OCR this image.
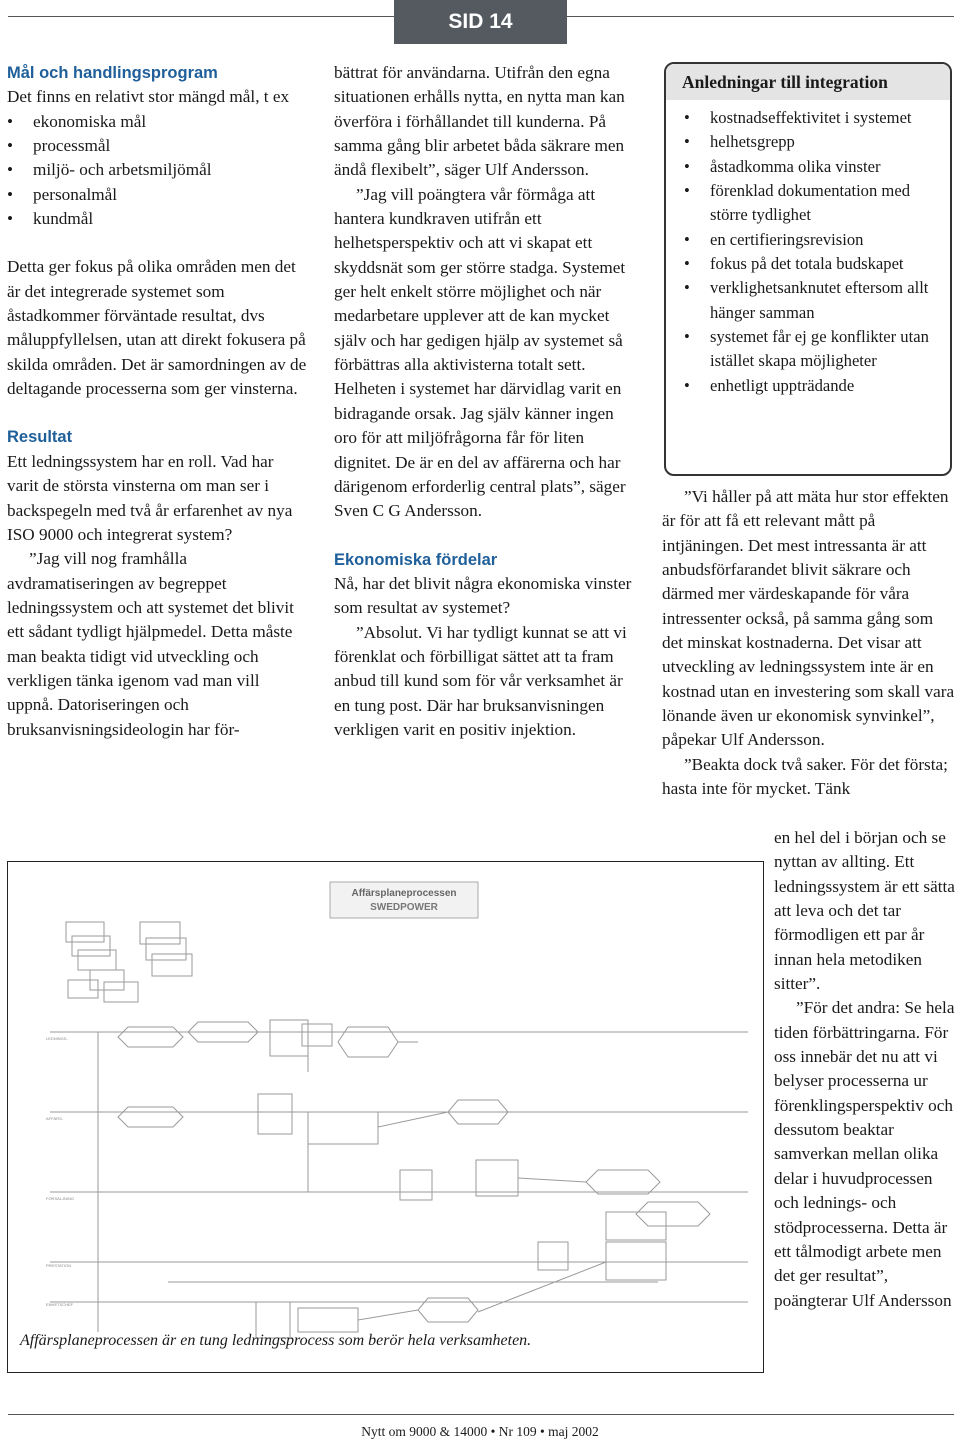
SID 14

Mål och handlingsprogram

Det finns en relativt stor mängd mål, t ex

• ekonomiska mål
• processmål
• miljö- och arbetsmiljömål
• personalmål
• kundmål

Detta ger fokus på olika områden men det är det integrerade systemet som åstadkommer förväntade resultat, dvs måluppfyllelsen, utan att direkt fokusera på skilda områden. Det är samordningen av de deltagande processerna som ger vinsterna.

Resultat

Ett ledningssystem har en roll. Vad har varit de största vinsterna om man ser i backspegeln med två år erfarenhet av nya ISO 9000 och integrerat system?

”Jag vill nog framhålla avdramatiseringen av begreppet ledningssystem och att systemet det blivit ett sådant tydligt hjälpmedel. Detta måste man beakta tidigt vid utveckling och verkligen tänka igenom vad man vill uppnå. Datoriseringen och bruksanvisningsideologin har för-

bättrat för användarna. Utifrån den egna situationen erhålls nytta, en nytta man kan överföra i förhållandet till kunderna. På samma gång blir arbetet båda säkrare men ändå flexibelt”, säger Ulf Andersson.

”Jag vill poängtera vår förmåga att hantera kundkraven utifrån ett helhetsperspektiv och att vi skapat ett skyddsnät som ger större stadga. Systemet ger helt enkelt större möjlighet och när medarbetare upplever att de kan mycket själv och har gedigen hjälp av systemet så förbättras alla aktivisterna totalt sett. Helheten i systemet har därvidlag varit en bidragande orsak. Jag själv känner ingen oro för att miljöfrågorna får för liten dignitet. De är en del av affärerna och har därigenom erforderlig central plats”, säger Sven C G Andersson.

Ekonomiska fördelar

Nå, har det blivit några ekonomiska vinster som resultat av systemet?

”Absolut. Vi har tydligt kunnat se att vi förenklat och förbilligat sättet att ta fram anbud till kund som för vår verksamhet är en tung post. Där har bruksanvisningen verkligen varit en positiv injektion.

Anledningar till integration
• kostnadseffektivitet i systemet
• helhetsgrepp
• åstadkomma olika vinster
• förenklad dokumentation med större tydlighet
• en certifieringsrevision
• fokus på det totala budskapet
• verklighetsanknutet eftersom allt hänger samman
• systemet får ej ge konflikter utan istället skapa möjligheter
• enhetligt uppträdande

”Vi håller på att mäta hur stor effekten är för att få ett relevant mått på intjäningen. Det mest intressanta är att anbudsförfarandet blivit säkrare och därmed mer värdeskapande för våra intressenter också, på samma gång som det minskat kostnaderna. Det visar att utveckling av ledningssystem inte är en kostnad utan en investering som skall vara lönande även ur ekonomisk synvinkel”, påpekar Ulf Andersson.

”Beakta dock två saker. För det första; hasta inte för mycket. Tänk

en hel del i början och se nyttan av allting. Ett ledningssystem är ett sätta att leva och det tar förmodligen ett par år innan hela metodiken sitter”.

”För det andra: Se hela tiden förbättringarna. För oss innebär det nu att vi belyser processerna ur förenklingsperspektiv och dessutom beaktar samverkan mellan olika delar i huvudprocessen och lednings- och stödprocesserna. Detta är ett tålmodigt arbete men det ger resultat”, poängterar Ulf Andersson

LEDNINGS-
AFFÄRS-
FÖRSÄLJNING
PRESTATION
ENHETSCHEF
Affärsplaneprocessen
SWEDPOWER
Affärsplaneprocessen är en tung ledningsprocess som berör hela verksamheten.
Nytt om 9000 & 14000 • Nr 109 • maj 2002
